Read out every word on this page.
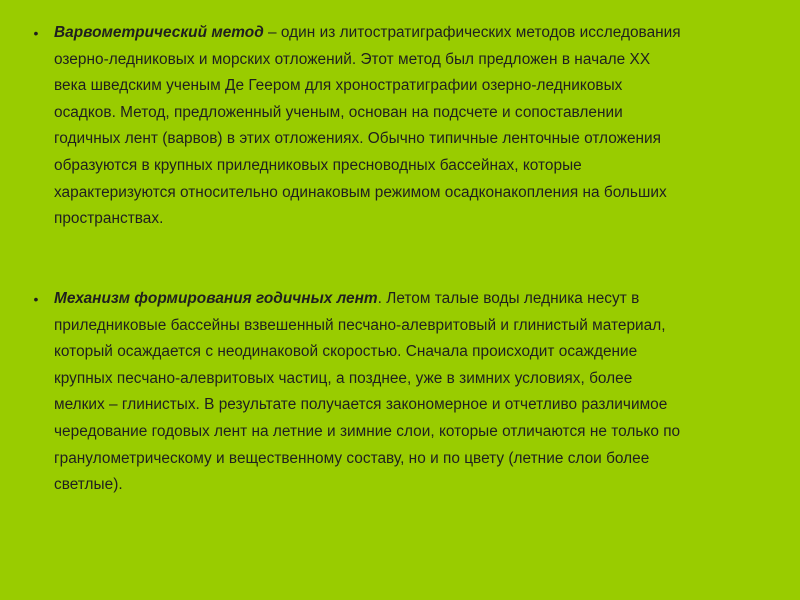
• Варвометрический метод – один из литостратиграфических методов исследования
озерно-ледниковых и морских отложений. Этот метод был предложен в начале ХХ
века шведским ученым Де Геером для хроностратиграфии озерно-ледниковых
осадков. Метод, предложенный ученым, основан на подсчете и сопоставлении
годичных лент (варвов) в этих отложениях. Обычно типичные ленточные отложения
образуются в крупных приледниковых пресноводных бассейнах, которые
характеризуются относительно одинаковым режимом осадконакопления на больших
пространствах.
• Механизм формирования годичных лент. Летом талые воды ледника несут в
приледниковые бассейны взвешенный песчано-алевритовый и глинистый материал,
который осаждается с неодинаковой скоростью. Сначала происходит осаждение
крупных песчано-алевритовых частиц, а позднее, уже в зимних условиях, более
мелких – глинистых. В результате получается закономерное и отчетливо различимое
чередование годовых лент на летние и зимние слои, которые отличаются не только по
гранулометрическому и вещественному составу, но и по цвету (летние слои более
светлые).
